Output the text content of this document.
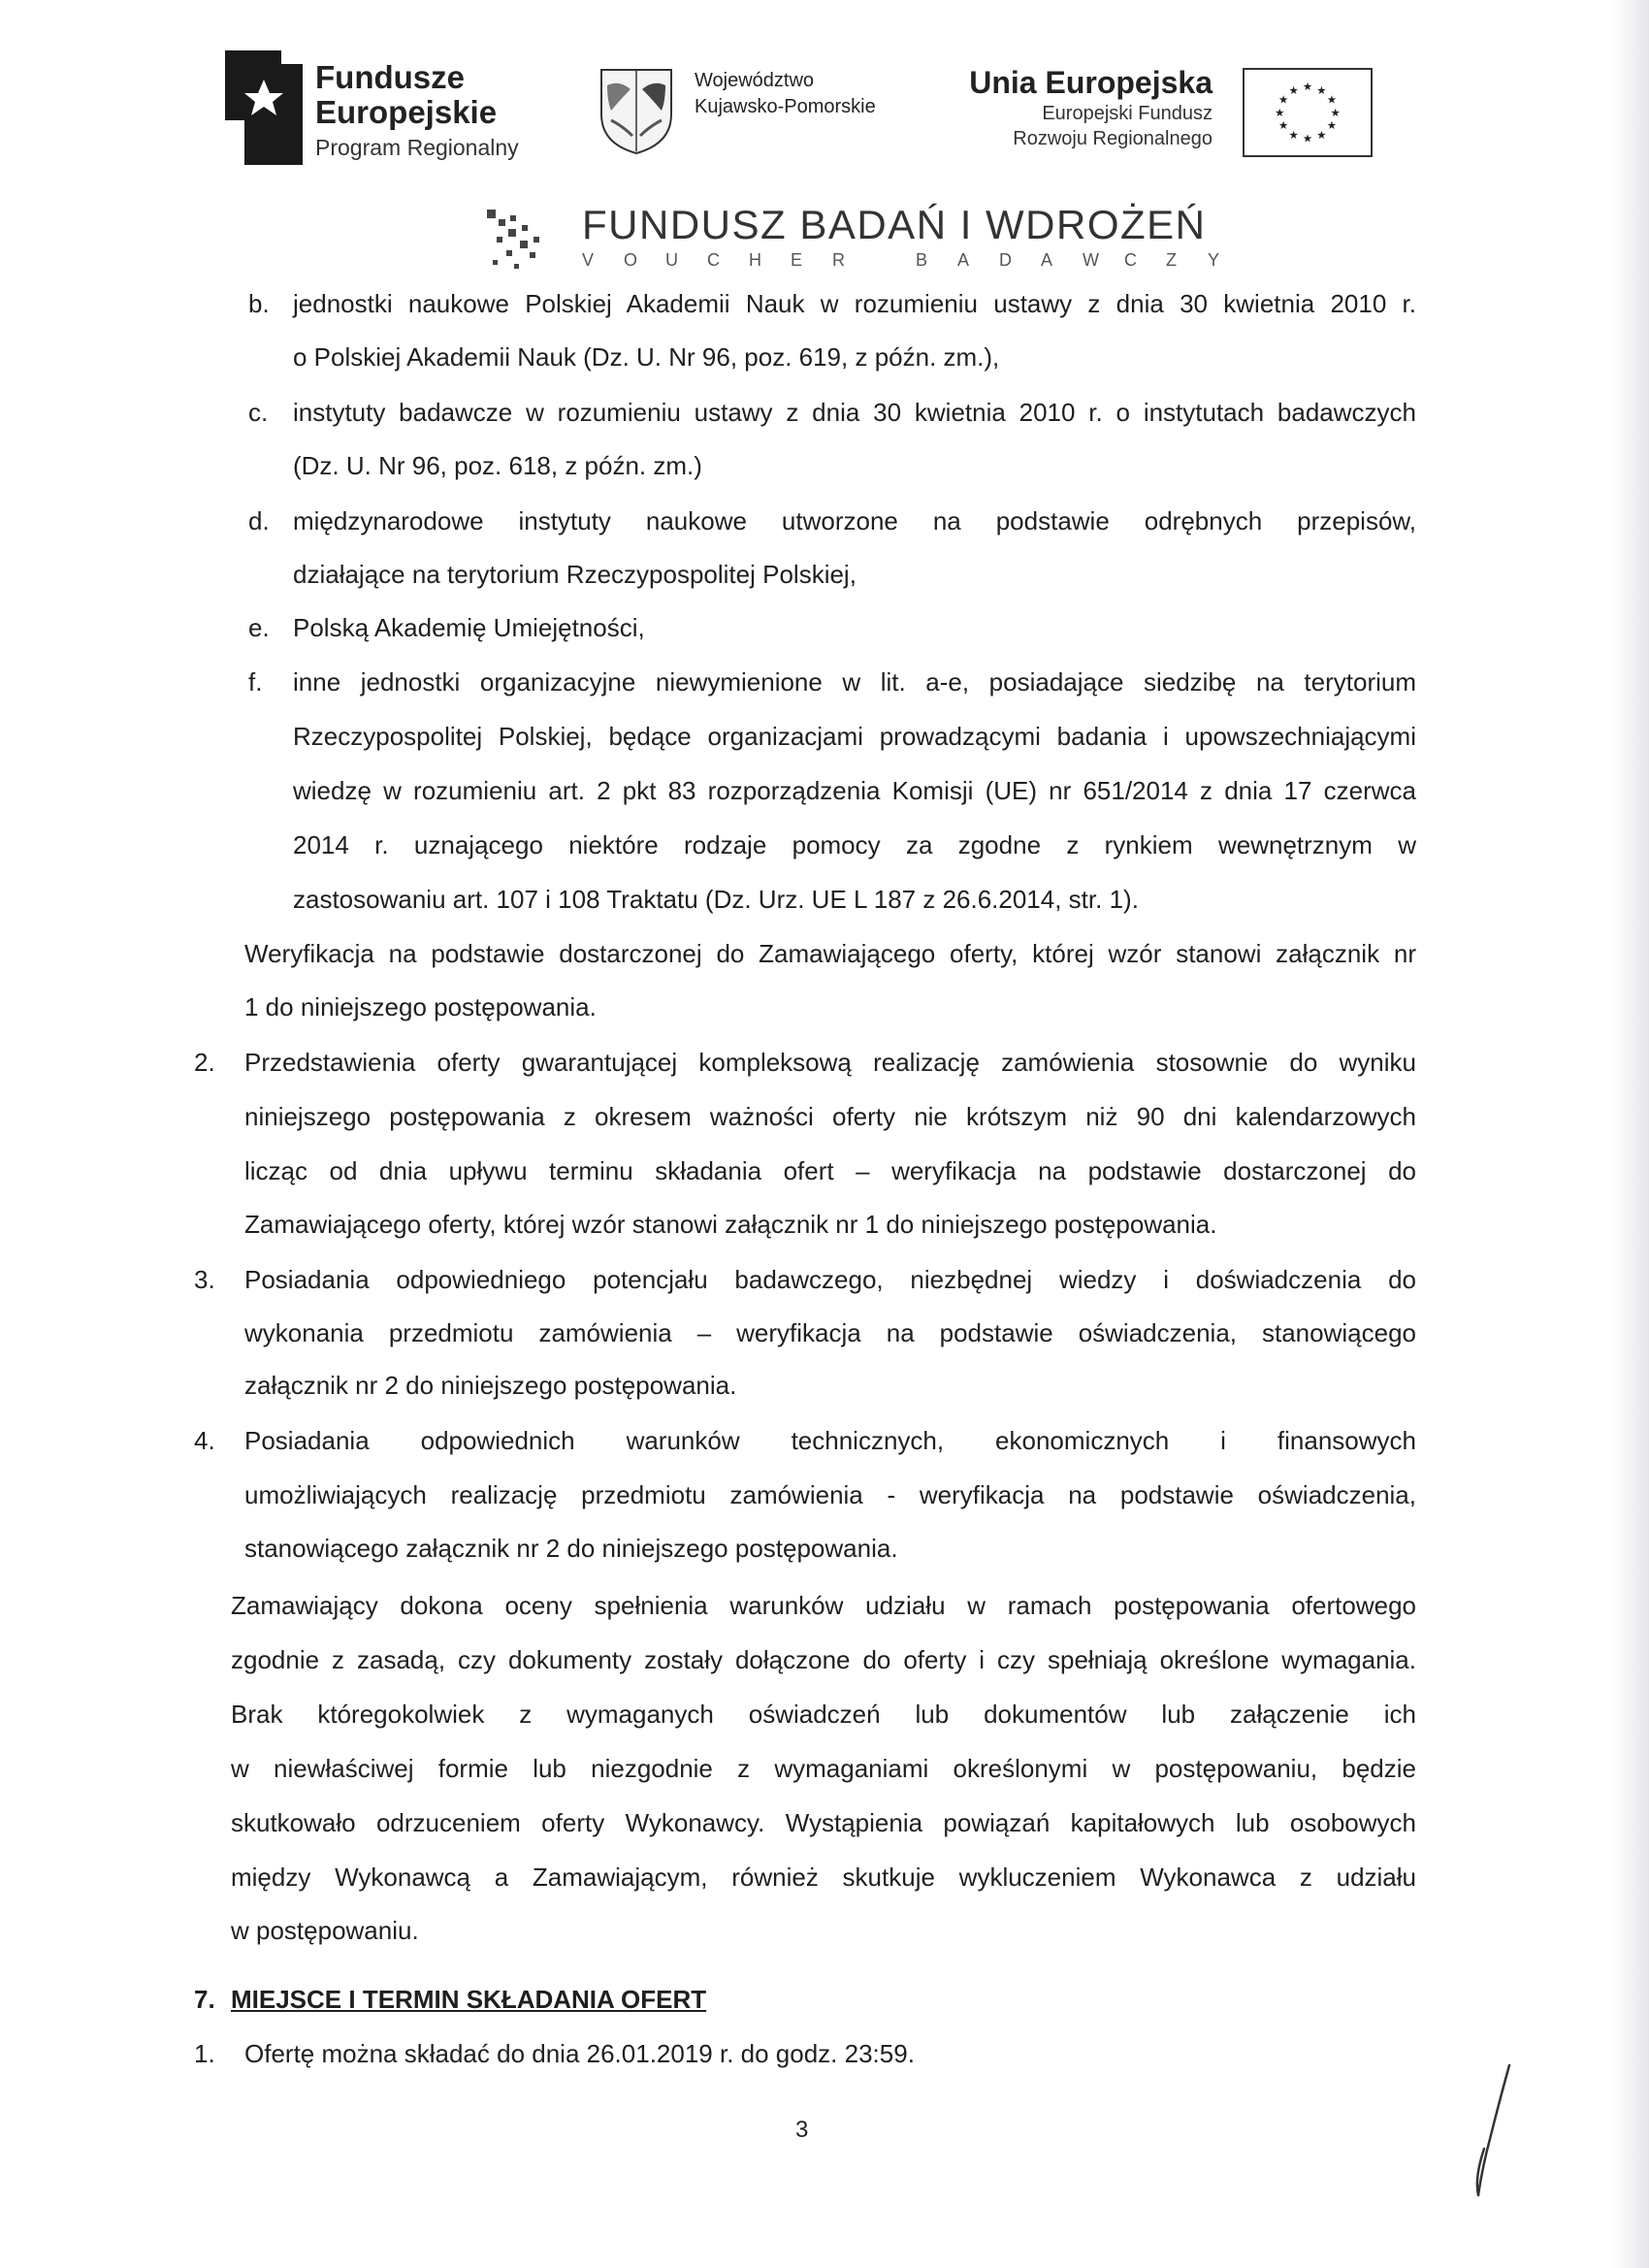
Fundusze
Europejskie
Program Regionalny
Województwo
Kujawsko-Pomorskie
Unia Europejska
Europejski Fundusz
Rozwoju Regionalnego
★ ★
★
★
★
★
★
★
★
★
★
★
FUNDUSZ BADAŃ I WDROŻEŃ
V O U C H E R	B A D A W C Z Y
b. jednostki naukowe Polskiej Akademii Nauk w rozumieniu ustawy z dnia 30 kwietnia 2010 r.
o Polskiej Akademii Nauk (Dz. U. Nr 96, poz. 619, z późn. zm.),
c. instytuty badawcze w rozumieniu ustawy z dnia 30 kwietnia 2010 r. o instytutach badawczych
(Dz. U. Nr 96, poz. 618, z późn. zm.)
d. międzynarodowe instytuty naukowe utworzone na podstawie odrębnych przepisów,
działające na terytorium Rzeczypospolitej Polskiej,
e. Polską Akademię Umiejętności,
f. inne jednostki organizacyjne niewymienione w lit. a-e, posiadające siedzibę na terytorium
Rzeczypospolitej Polskiej, będące organizacjami prowadzącymi badania i upowszechniającymi
wiedzę w rozumieniu art. 2 pkt 83 rozporządzenia Komisji (UE) nr 651/2014 z dnia 17 czerwca
2014 r. uznającego niektóre rodzaje pomocy za zgodne z rynkiem wewnętrznym w
zastosowaniu art. 107 i 108 Traktatu (Dz. Urz. UE L 187 z 26.6.2014, str. 1).
Weryfikacja na podstawie dostarczonej do Zamawiającego oferty, której wzór stanowi załącznik nr
1 do niniejszego postępowania.
2. Przedstawienia oferty gwarantującej kompleksową realizację zamówienia stosownie do wyniku
niniejszego postępowania z okresem ważności oferty nie krótszym niż 90 dni kalendarzowych
licząc od dnia upływu terminu składania ofert – weryfikacja na podstawie dostarczonej do
Zamawiającego oferty, której wzór stanowi załącznik nr 1 do niniejszego postępowania.
3. Posiadania odpowiedniego potencjału badawczego, niezbędnej wiedzy i doświadczenia do
wykonania przedmiotu zamówienia – weryfikacja na podstawie oświadczenia, stanowiącego
załącznik nr 2 do niniejszego postępowania.
4. Posiadania odpowiednich warunków technicznych, ekonomicznych i finansowych
umożliwiających realizację przedmiotu zamówienia - weryfikacja na podstawie oświadczenia,
stanowiącego załącznik nr 2 do niniejszego postępowania.
Zamawiający dokona oceny spełnienia warunków udziału w ramach postępowania ofertowego
zgodnie z zasadą, czy dokumenty zostały dołączone do oferty i czy spełniają określone wymagania.
Brak któregokolwiek z wymaganych oświadczeń lub dokumentów lub załączenie ich
w niewłaściwej formie lub niezgodnie z wymaganiami określonymi w postępowaniu, będzie
skutkowało odrzuceniem oferty Wykonawcy. Wystąpienia powiązań kapitałowych lub osobowych
między Wykonawcą a Zamawiającym, również skutkuje wykluczeniem Wykonawca z udziału
w postępowaniu.
7. MIEJSCE I TERMIN SKŁADANIA OFERT
1. Ofertę można składać do dnia 26.01.2019 r. do godz. 23:59.
3
